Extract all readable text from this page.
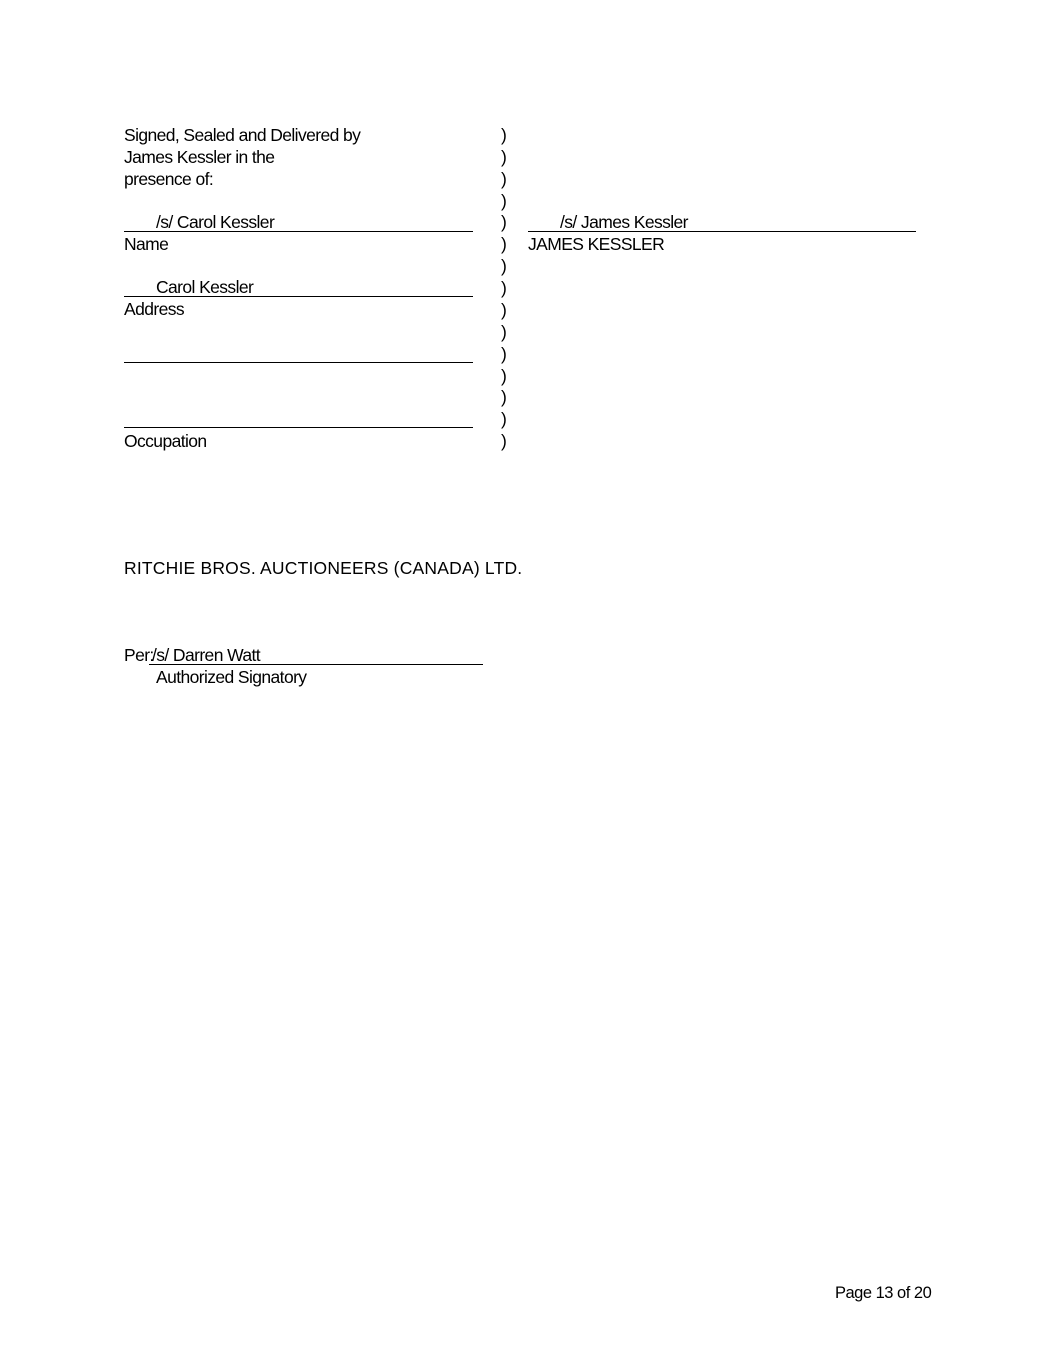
Signed, Sealed and Delivered by
James Kessler in the
presence of:
/s/ Carol Kessler
Name
Carol Kessler
Address
Occupation
)
)
)
)
)
)
)
)
)
)
)
)
)
)
)
/s/ James Kessler
JAMES KESSLER
RITCHIE BROS. AUCTIONEERS (CANADA) LTD.
Per:
/s/ Darren Watt
Authorized Signatory
Page 13 of 20
